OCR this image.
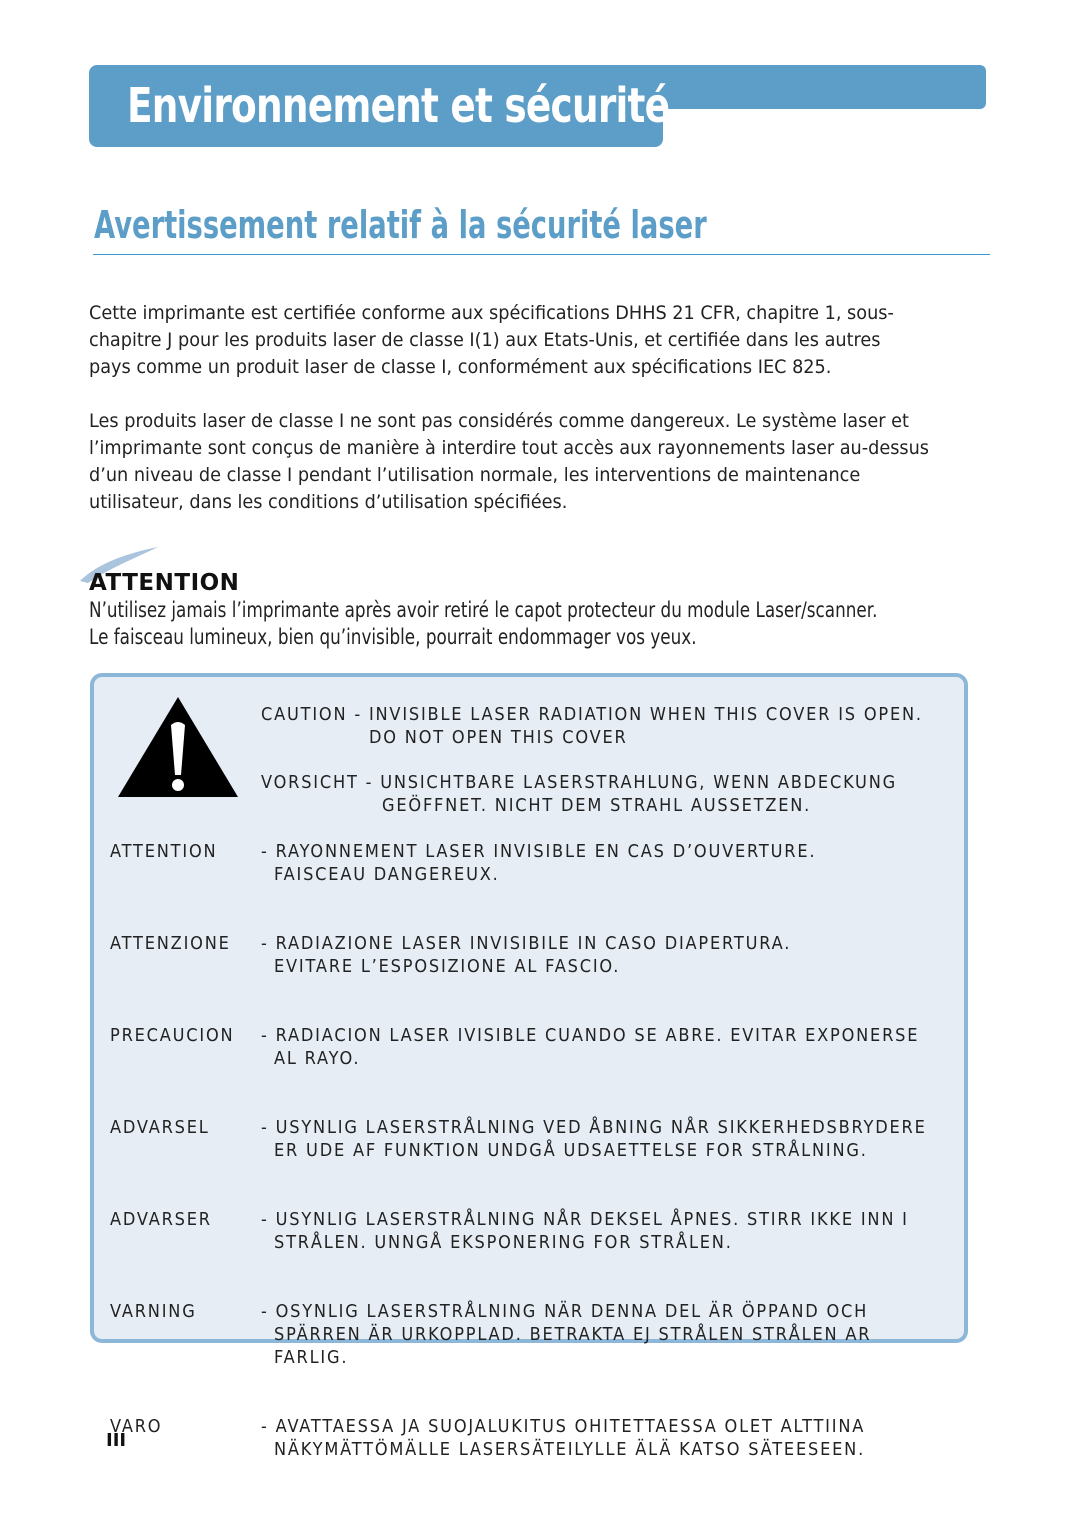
Environnement et sécurité
Avertissement relatif à la sécurité laser
Cette imprimante est certifiée conforme aux spécifications DHHS 21 CFR, chapitre 1, sous-
chapitre J pour les produits laser de classe I(1) aux Etats-Unis, et certifiée dans les autres
pays comme un produit laser de classe I, conformément aux spécifications IEC 825.
Les produits laser de classe I ne sont pas considérés comme dangereux. Le système laser et
l’imprimante sont conçus de manière à interdire tout accès aux rayonnements laser au-dessus
d’un niveau de classe I pendant l’utilisation normale, les interventions de maintenance
utilisateur, dans les conditions d’utilisation spécifiées.
ATTENTION
N’utilisez jamais l’imprimante après avoir retiré le capot protecteur du module Laser/scanner.
Le faisceau lumineux, bien qu’invisible, pourrait endommager vos yeux.
CAUTION - INVISIBLE LASER RADIATION WHEN THIS COVER IS OPEN.
DO NOT OPEN THIS COVER
VORSICHT - UNSICHTBARE LASERSTRAHLUNG, WENN ABDECKUNG
GEÖFFNET. NICHT DEM STRAHL AUSSETZEN.
ATTENTION - RAYONNEMENT LASER INVISIBLE EN CAS D’OUVERTURE.
FAISCEAU DANGEREUX.
ATTENZIONE - RADIAZIONE LASER INVISIBILE IN CASO DIAPERTURA.
EVITARE L’ESPOSIZIONE AL FASCIO.
PRECAUCION - RADIACION LASER IVISIBLE CUANDO SE ABRE. EVITAR EXPONERSE
AL RAYO.
ADVARSEL	- USYNLIG LASERSTRÅLNING VED ÅBNING NÅR SIKKERHEDSBRYDERE
ER UDE AF FUNKTION UNDGÅ UDSAETTELSE FOR STRÅLNING.
ADVARSER	- USYNLIG LASERSTRÅLNING NÅR DEKSEL ÅPNES. STIRR IKKE INN I
STRÅLEN. UNNGÅ EKSPONERING FOR STRÅLEN.
VARNING	- OSYNLIG LASERSTRÅLNING NÄR DENNA DEL ÄR ÖPPAND OCH
SPÄRREN ÄR URKOPPLAD. BETRAKTA EJ STRÅLEN STRÅLEN AR
FARLIG.
VARO	- AVATTAESSA JA SUOJALUKITUS OHITETTAESSA OLET ALTTIINA
NÄKYMÄTTÖMÄLLE LASERSÄTEILYLLE ÄLÄ KATSO SÄTEESEEN.
III
